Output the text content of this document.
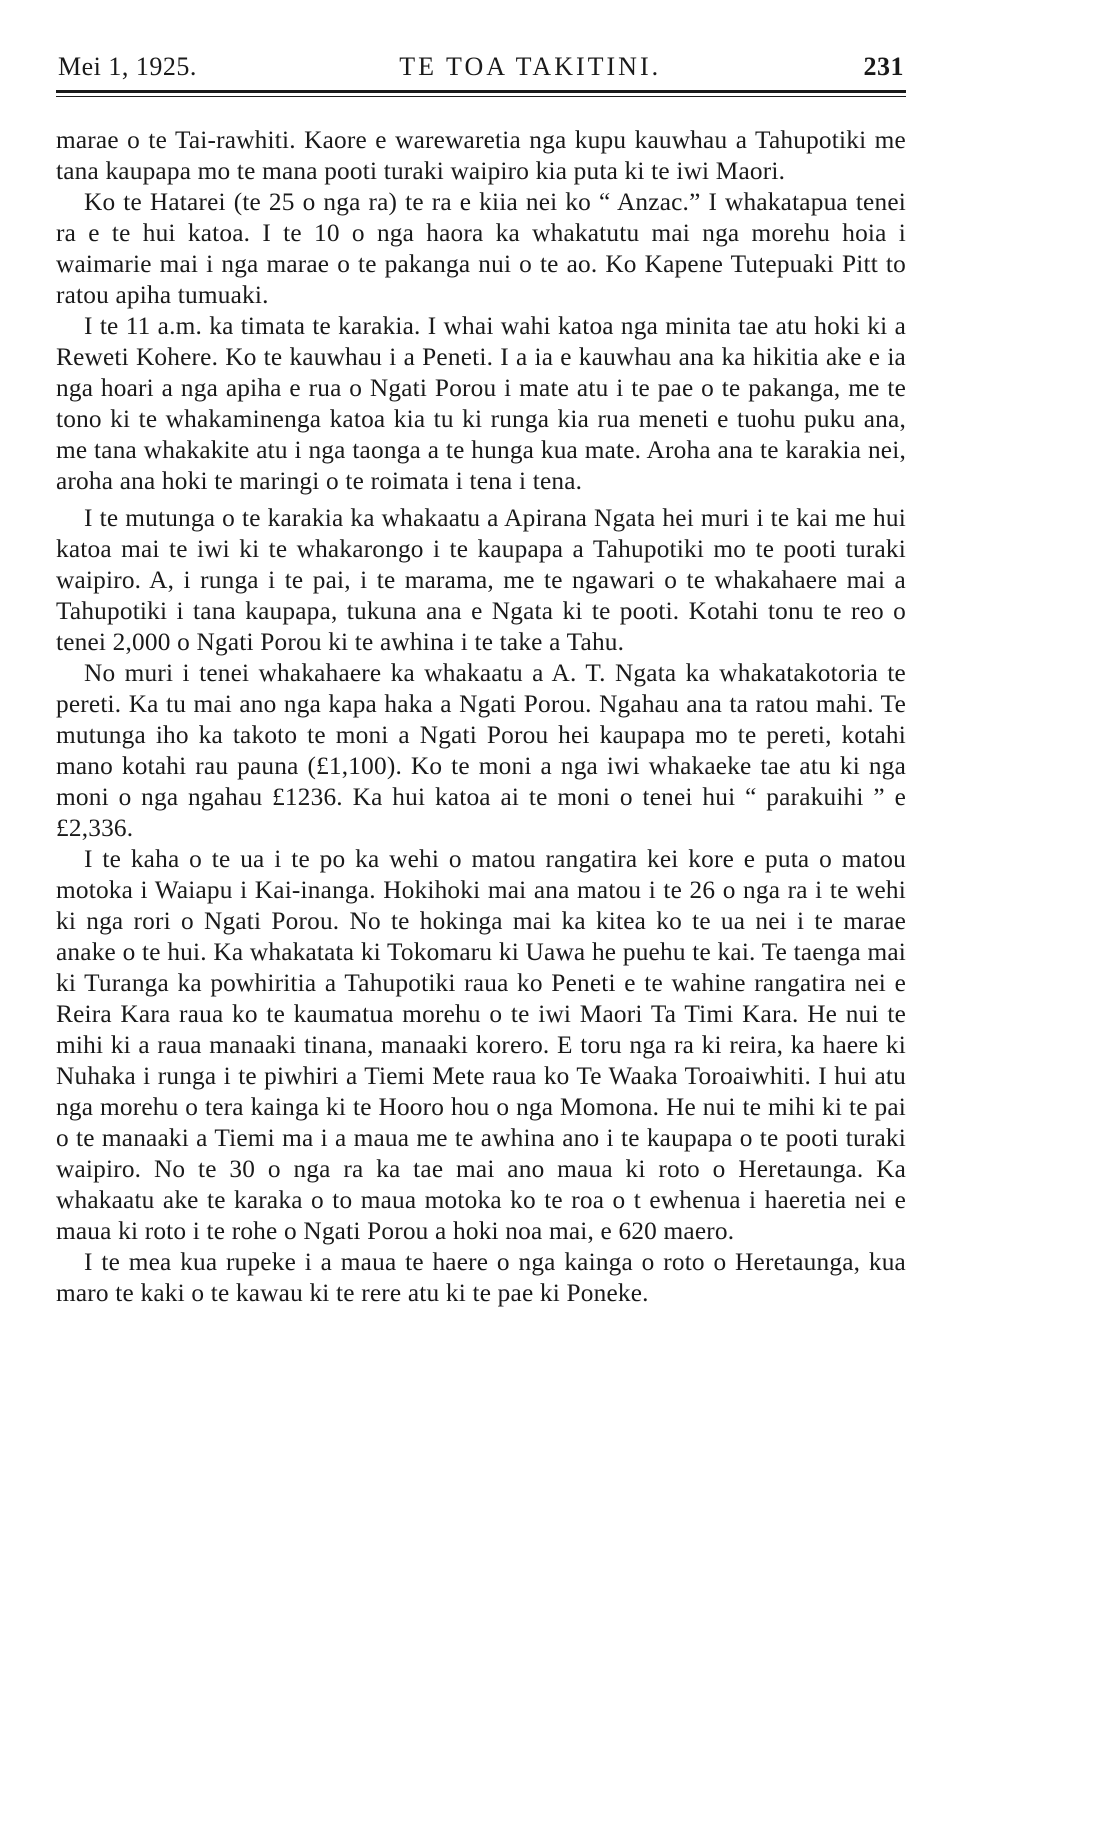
Mei 1, 1925.	TE TOA TAKITINI.	231

marae o te Tai-rawhiti. Kaore e warewaretia nga kupu kauwhau a Tahupotiki me tana kaupapa mo te mana pooti turaki waipiro kia puta ki te iwi Maori.

Ko te Hatarei (te 25 o nga ra) te ra e kiia nei ko “ Anzac.” I whakatapua tenei ra e te hui katoa. I te 10 o nga haora ka whakatutu mai nga morehu hoia i waimarie mai i nga marae o te pakanga nui o te ao. Ko Kapene Tutepuaki Pitt to ratou apiha tumuaki.

I te 11 a.m. ka timata te karakia. I whai wahi katoa nga minita tae atu hoki ki a Reweti Kohere. Ko te kauwhau i a Peneti. I a ia e kauwhau ana ka hikitia ake e ia nga hoari a nga apiha e rua o Ngati Porou i mate atu i te pae o te pakanga, me te tono ki te whakaminenga katoa kia tu ki runga kia rua meneti e tuohu puku ana, me tana whakakite atu i nga taonga a te hunga kua mate. Aroha ana te karakia nei, aroha ana hoki te maringi o te roimata i tena i tena.

I te mutunga o te karakia ka whakaatu a Apirana Ngata hei muri i te kai me hui katoa mai te iwi ki te whakarongo i te kaupapa a Tahupotiki mo te pooti turaki waipiro. A, i runga i te pai, i te marama, me te ngawari o te whakahaere mai a Tahupotiki i tana kaupapa, tukuna ana e Ngata ki te pooti. Kotahi tonu te reo o tenei 2,000 o Ngati Porou ki te awhina i te take a Tahu.

No muri i tenei whakahaere ka whakaatu a A. T. Ngata ka whakatakotoria te pereti. Ka tu mai ano nga kapa haka a Ngati Porou. Ngahau ana ta ratou mahi. Te mutunga iho ka takoto te moni a Ngati Porou hei kaupapa mo te pereti, kotahi mano kotahi rau pauna (£1,100). Ko te moni a nga iwi whakaeke tae atu ki nga moni o nga ngahau £1236. Ka hui katoa ai te moni o tenei hui “ parakuihi ” e £2,336.

I te kaha o te ua i te po ka wehi o matou rangatira kei kore e puta o matou motoka i Waiapu i Kai-inanga. Hokihoki mai ana matou i te 26 o nga ra i te wehi ki nga rori o Ngati Porou. No te hokinga mai ka kitea ko te ua nei i te marae anake o te hui. Ka whakatata ki Tokomaru ki Uawa he puehu te kai. Te taenga mai ki Turanga ka powhiritia a Tahupotiki raua ko Peneti e te wahine rangatira nei e Reira Kara raua ko te kaumatua morehu o te iwi Maori Ta Timi Kara. He nui te mihi ki a raua manaaki tinana, manaaki korero. E toru nga ra ki reira, ka haere ki Nuhaka i runga i te piwhiri a Tiemi Mete raua ko Te Waaka Toroaiwhiti. I hui atu nga morehu o tera kainga ki te Hooro hou o nga Momona. He nui te mihi ki te pai o te manaaki a Tiemi ma i a maua me te awhina ano i te kaupapa o te pooti turaki waipiro. No te 30 o nga ra ka tae mai ano maua ki roto o Heretaunga. Ka whakaatu ake te karaka o to maua motoka ko te roa o t ewhenua i haeretia nei e maua ki roto i te rohe o Ngati Porou a hoki noa mai, e 620 maero.

I te mea kua rupeke i a maua te haere o nga kainga o roto o Heretaunga, kua maro te kaki o te kawau ki te rere atu ki te pae ki Poneke.
